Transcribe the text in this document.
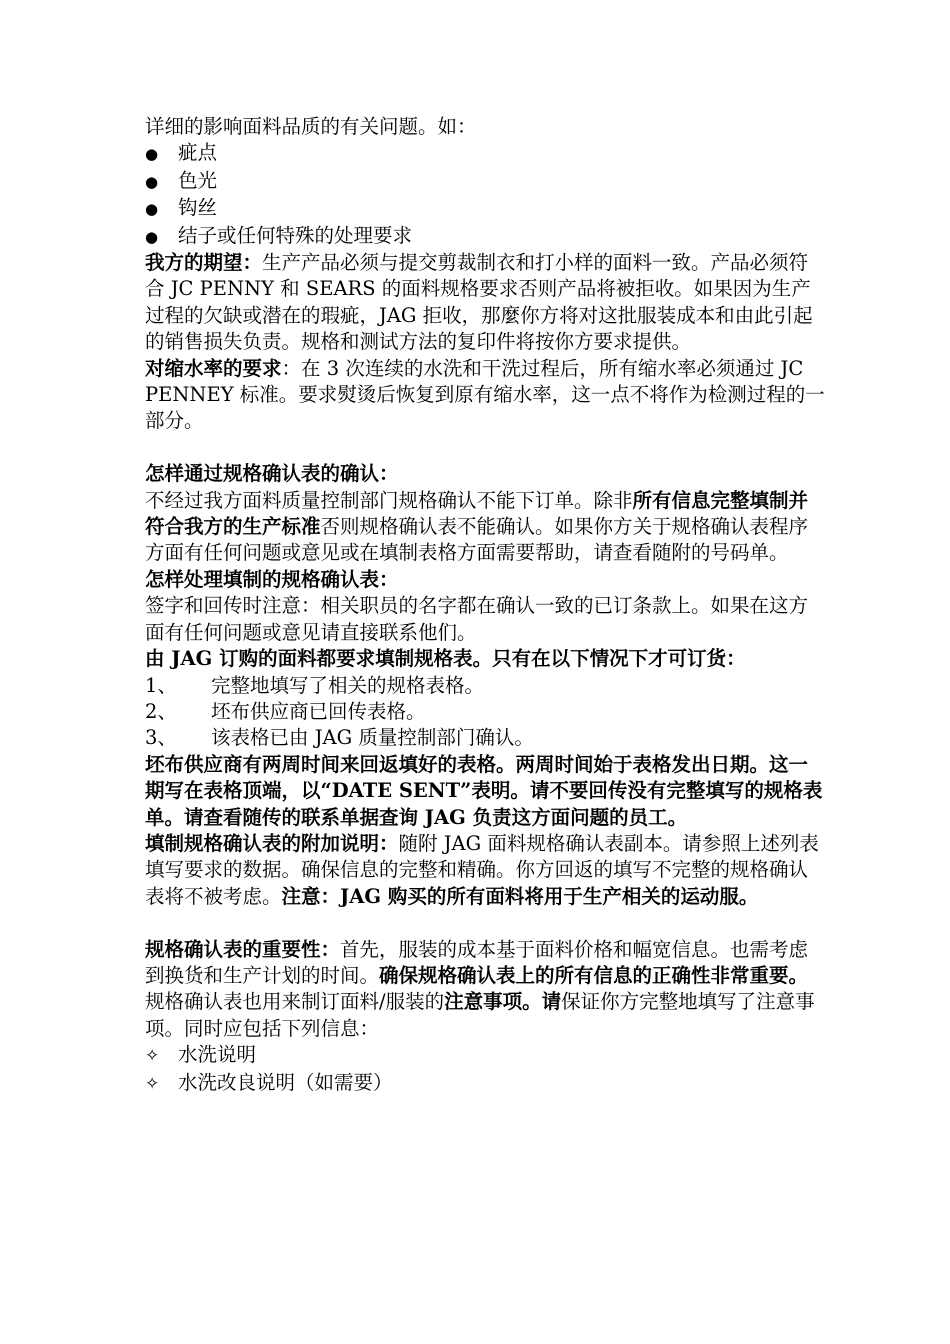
详细的影响面料品质的有关问题。如：

●	疵点
●	色光
●	钩丝
●	结子或任何特殊的处理要求

我方的期望：生产产品必须与提交剪裁制衣和打小样的面料一致。产品必须符合 JC PENNY 和 SEARS 的面料规格要求否则产品将被拒收。如果因为生产过程的欠缺或潜在的瑕疵，JAG 拒收，那麼你方将对这批服装成本和由此引起的销售损失负责。规格和测试方法的复印件将按你方要求提供。

对缩水率的要求：在 3 次连续的水洗和干洗过程后，所有缩水率必须通过 JC PENNEY 标准。要求熨烫后恢复到原有缩水率，这一点不将作为检测过程的一部分。

怎样通过规格确认表的确认：

不经过我方面料质量控制部门规格确认不能下订单。除非所有信息完整填制并符合我方的生产标准否则规格确认表不能确认。如果你方关于规格确认表程序方面有任何问题或意见或在填制表格方面需要帮助，请查看随附的号码单。

怎样处理填制的规格确认表：

签字和回传时注意：相关职员的名字都在确认一致的已订条款上。如果在这方面有任何问题或意见请直接联系他们。

由 JAG 订购的面料都要求填制规格表。只有在以下情况下才可订货：

1、	完整地填写了相关的规格表格。
2、	坯布供应商已回传表格。
3、	该表格已由 JAG 质量控制部门确认。

坯布供应商有两周时间来回返填好的表格。两周时间始于表格发出日期。这一期写在表格顶端，以“DATE SENT”表明。请不要回传没有完整填写的规格表单。请查看随传的联系单据查询 JAG 负责这方面问题的员工。

填制规格确认表的附加说明：随附 JAG 面料规格确认表副本。请参照上述列表填写要求的数据。确保信息的完整和精确。你方回返的填写不完整的规格确认表将不被考虑。注意：JAG 购买的所有面料将用于生产相关的运动服。

规格确认表的重要性：首先，服装的成本基于面料价格和幅宽信息。也需考虑到换货和生产计划的时间。确保规格确认表上的所有信息的正确性非常重要。

规格确认表也用来制订面料/服装的注意事项。请保证你方完整地填写了注意事项。同时应包括下列信息：

✧ 水洗说明
✧ 水洗改良说明（如需要）
